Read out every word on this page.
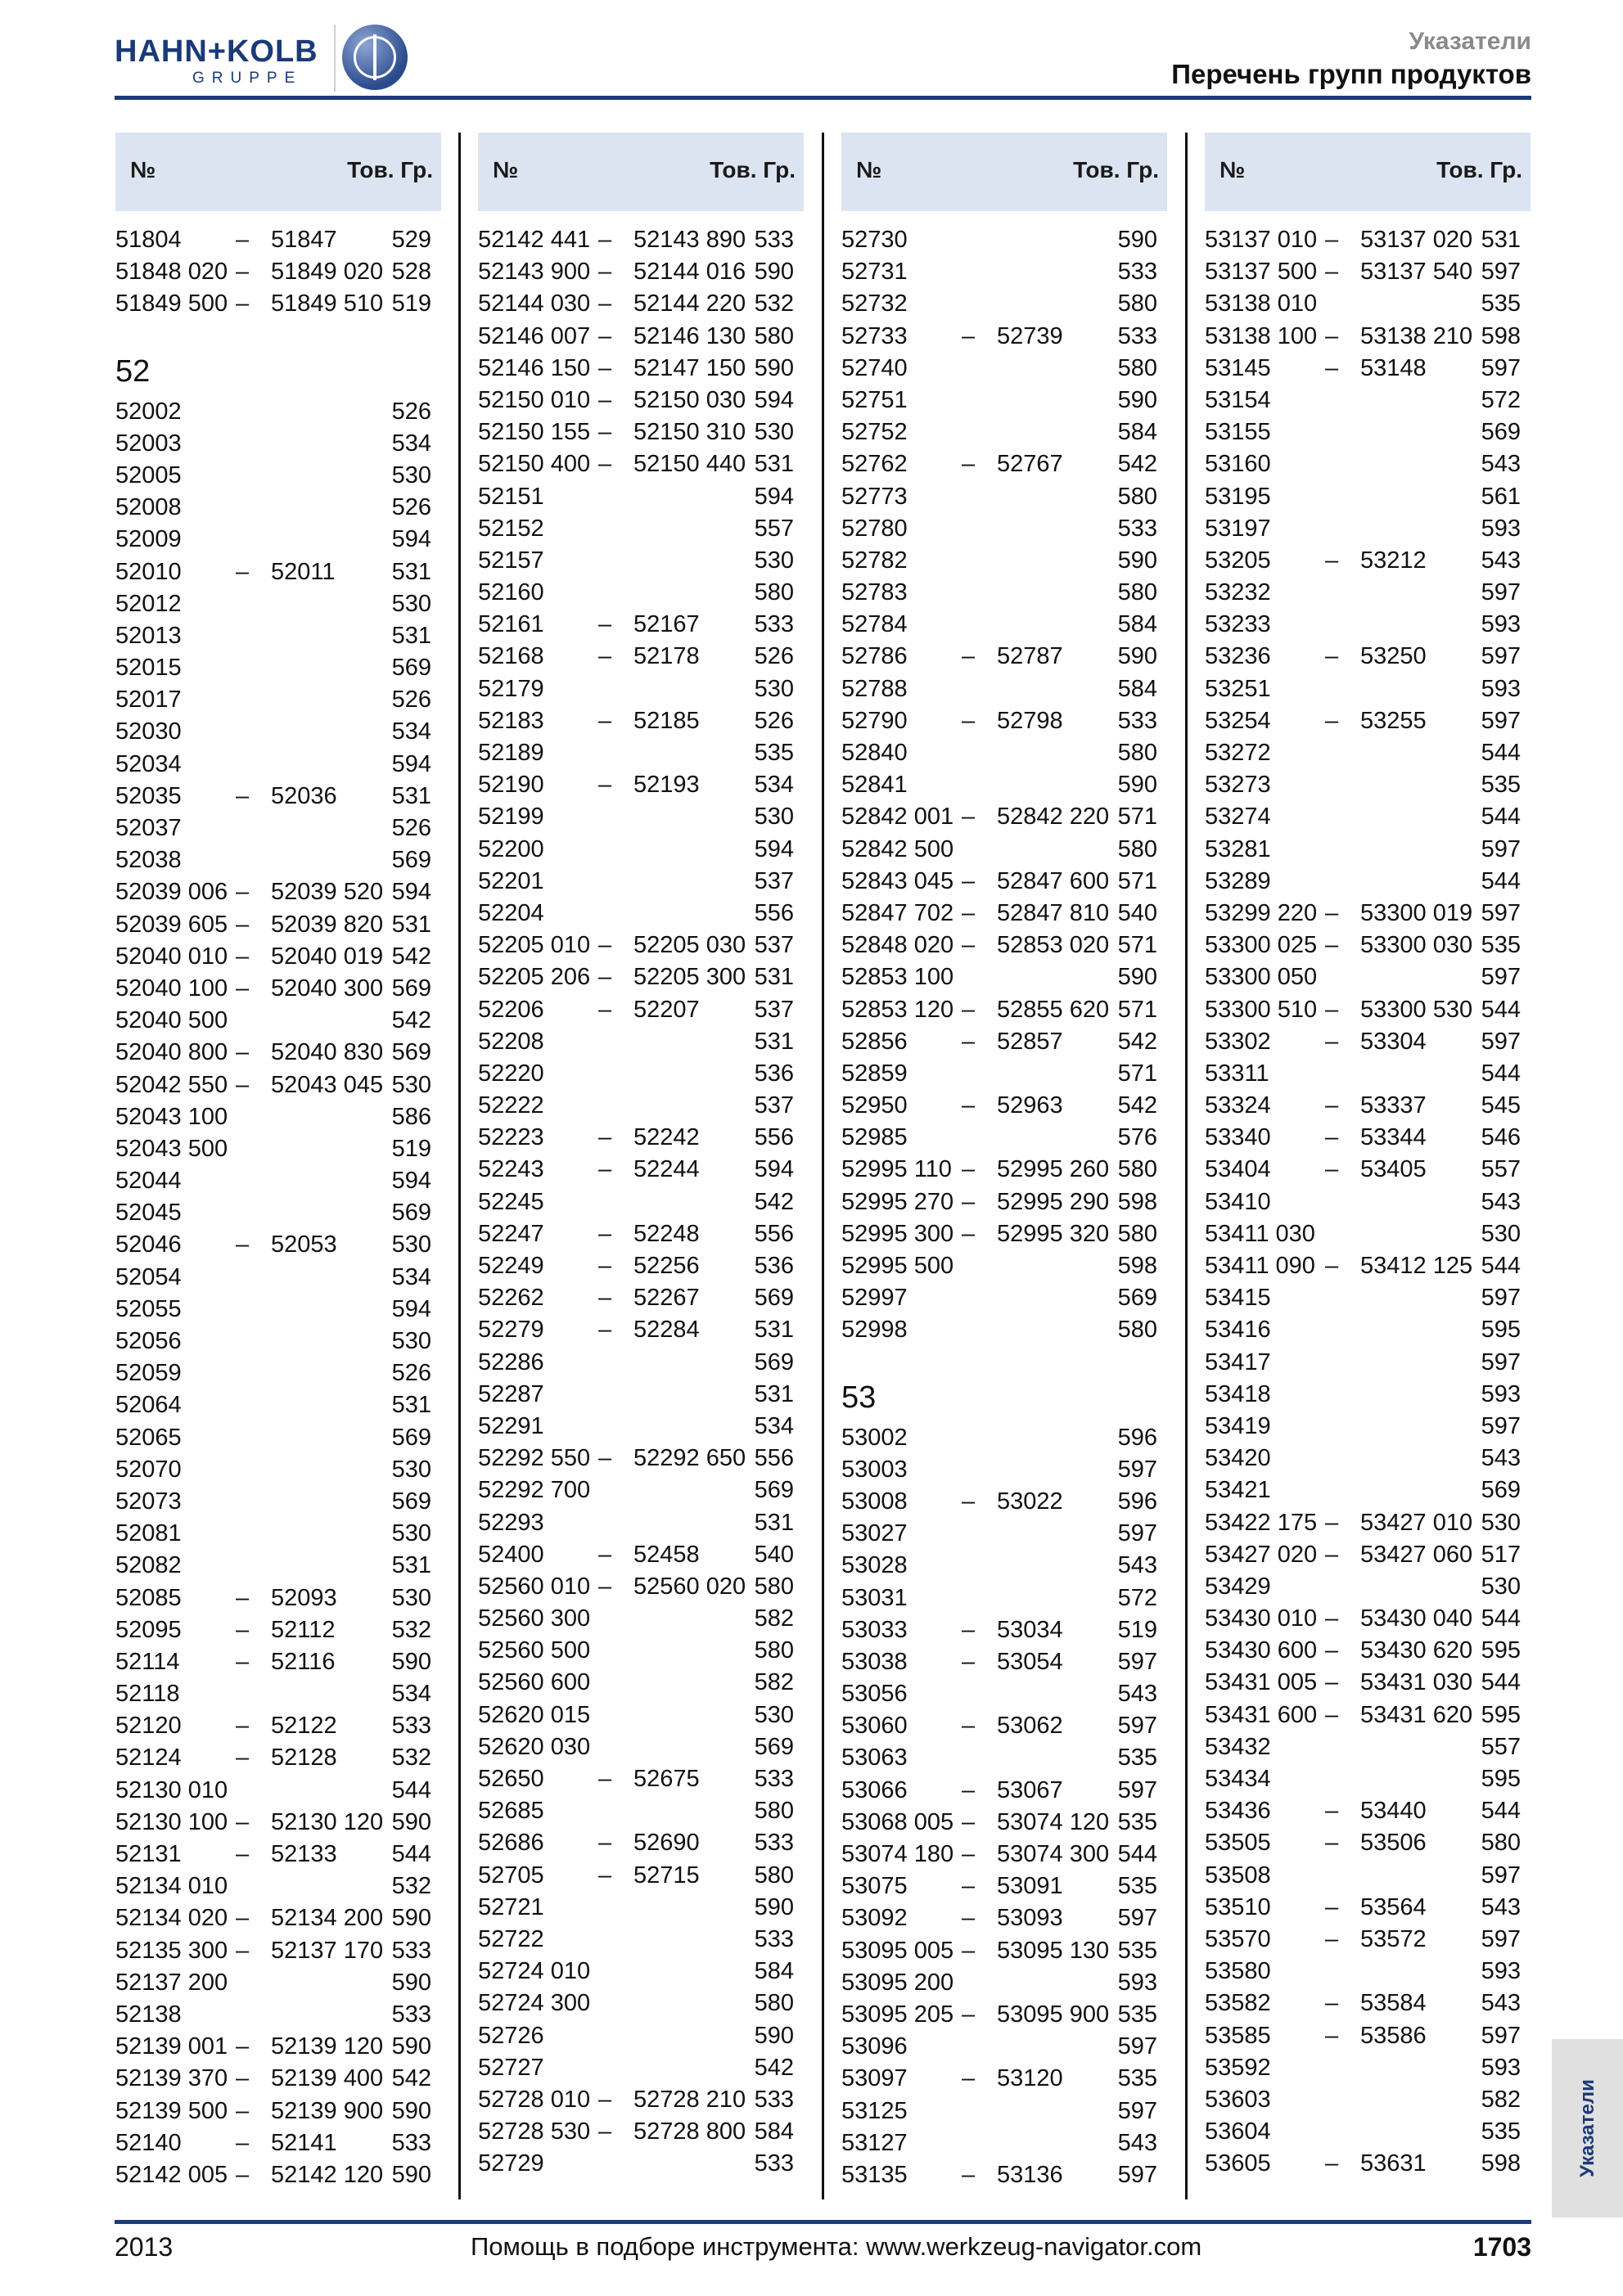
HAHN+KOLB
GRUPPE
Указатели
Перечень групп продуктов
№	Тов. Гр.
51804 – 51847 529
51848 020 – 51849 020 528
51849 500 – 51849 510 519
52
52002	526
52003	534
52005	530
52008	526
52009	594
52010 – 52011 531
52012	530
52013	531
52015	569
52017	526
52030	534
52034	594
52035 – 52036 531
52037	526
52038	569
52039 006 – 52039 520 594
52039 605 – 52039 820 531
52040 010 – 52040 019 542
52040 100 – 52040 300 569
52040 500	542
52040 800 – 52040 830 569
52042 550 – 52043 045 530
52043 100	586
52043 500	519
52044	594
52045	569
52046 – 52053 530
52054	534
52055	594
52056	530
52059	526
52064	531
52065	569
52070	530
52073	569
52081	530
52082	531
52085 – 52093 530
52095 – 52112 532
52114 – 52116 590
52118	534
52120 – 52122 533
52124 – 52128 532
52130 010	544
52130 100 – 52130 120 590
52131 – 52133 544
52134 010	532
52134 020 – 52134 200 590
52135 300 – 52137 170 533
52137 200	590
52138	533
52139 001 – 52139 120 590
52139 370 – 52139 400 542
52139 500 – 52139 900 590
52140 – 52141 533
52142 005 – 52142 120 590
№	Тов. Гр.
52142 441 – 52143 890 533
52143 900 – 52144 016 590
52144 030 – 52144 220 532
52146 007 – 52146 130 580
52146 150 – 52147 150 590
52150 010 – 52150 030 594
52150 155 – 52150 310 530
52150 400 – 52150 440 531
52151	594
52152	557
52157	530
52160	580
52161 – 52167 533
52168 – 52178 526
52179	530
52183 – 52185 526
52189	535
52190 – 52193 534
52199	530
52200	594
52201	537
52204	556
52205 010 – 52205 030 537
52205 206 – 52205 300 531
52206 – 52207 537
52208	531
52220	536
52222	537
52223 – 52242 556
52243 – 52244 594
52245	542
52247 – 52248 556
52249 – 52256 536
52262 – 52267 569
52279 – 52284 531
52286	569
52287	531
52291	534
52292 550 – 52292 650 556
52292 700	569
52293	531
52400 – 52458 540
52560 010 – 52560 020 580
52560 300	582
52560 500	580
52560 600	582
52620 015	530
52620 030	569
52650 – 52675 533
52685	580
52686 – 52690 533
52705 – 52715 580
52721	590
52722	533
52724 010	584
52724 300	580
52726	590
52727	542
52728 010 – 52728 210 533
52728 530 – 52728 800 584
52729	533
№	Тов. Гр.
52730	590
52731	533
52732	580
52733 – 52739 533
52740	580
52751	590
52752	584
52762 – 52767 542
52773	580
52780	533
52782	590
52783	580
52784	584
52786 – 52787 590
52788	584
52790 – 52798 533
52840	580
52841	590
52842 001 – 52842 220 571
52842 500	580
52843 045 – 52847 600 571
52847 702 – 52847 810 540
52848 020 – 52853 020 571
52853 100	590
52853 120 – 52855 620 571
52856 – 52857 542
52859	571
52950 – 52963 542
52985	576
52995 110 – 52995 260 580
52995 270 – 52995 290 598
52995 300 – 52995 320 580
52995 500	598
52997	569
52998	580
53
53002	596
53003	597
53008 – 53022 596
53027	597
53028	543
53031	572
53033 – 53034 519
53038 – 53054 597
53056	543
53060 – 53062 597
53063	535
53066 – 53067 597
53068 005 – 53074 120 535
53074 180 – 53074 300 544
53075 – 53091 535
53092 – 53093 597
53095 005 – 53095 130 535
53095 200	593
53095 205 – 53095 900 535
53096	597
53097 – 53120 535
53125	597
53127	543
53135 – 53136 597
№	Тов. Гр.
53137 010 – 53137 020 531
53137 500 – 53137 540 597
53138 010	535
53138 100 – 53138 210 598
53145 – 53148 597
53154	572
53155	569
53160	543
53195	561
53197	593
53205 – 53212 543
53232	597
53233	593
53236 – 53250 597
53251	593
53254 – 53255 597
53272	544
53273	535
53274	544
53281	597
53289	544
53299 220 – 53300 019 597
53300 025 – 53300 030 535
53300 050	597
53300 510 – 53300 530 544
53302 – 53304 597
53311	544
53324 – 53337 545
53340 – 53344 546
53404 – 53405 557
53410	543
53411 030	530
53411 090 – 53412 125 544
53415	597
53416	595
53417	597
53418	593
53419	597
53420	543
53421	569
53422 175 – 53427 010 530
53427 020 – 53427 060 517
53429	530
53430 010 – 53430 040 544
53430 600 – 53430 620 595
53431 005 – 53431 030 544
53431 600 – 53431 620 595
53432	557
53434	595
53436 – 53440 544
53505 – 53506 580
53508	597
53510 – 53564 543
53570 – 53572 597
53580	593
53582 – 53584 543
53585 – 53586 597
53592	593
53603	582
53604	535
53605 – 53631 598	Указатели
2013	Помощь в подборе инструмента: www.werkzeug-navigator.com	1703
